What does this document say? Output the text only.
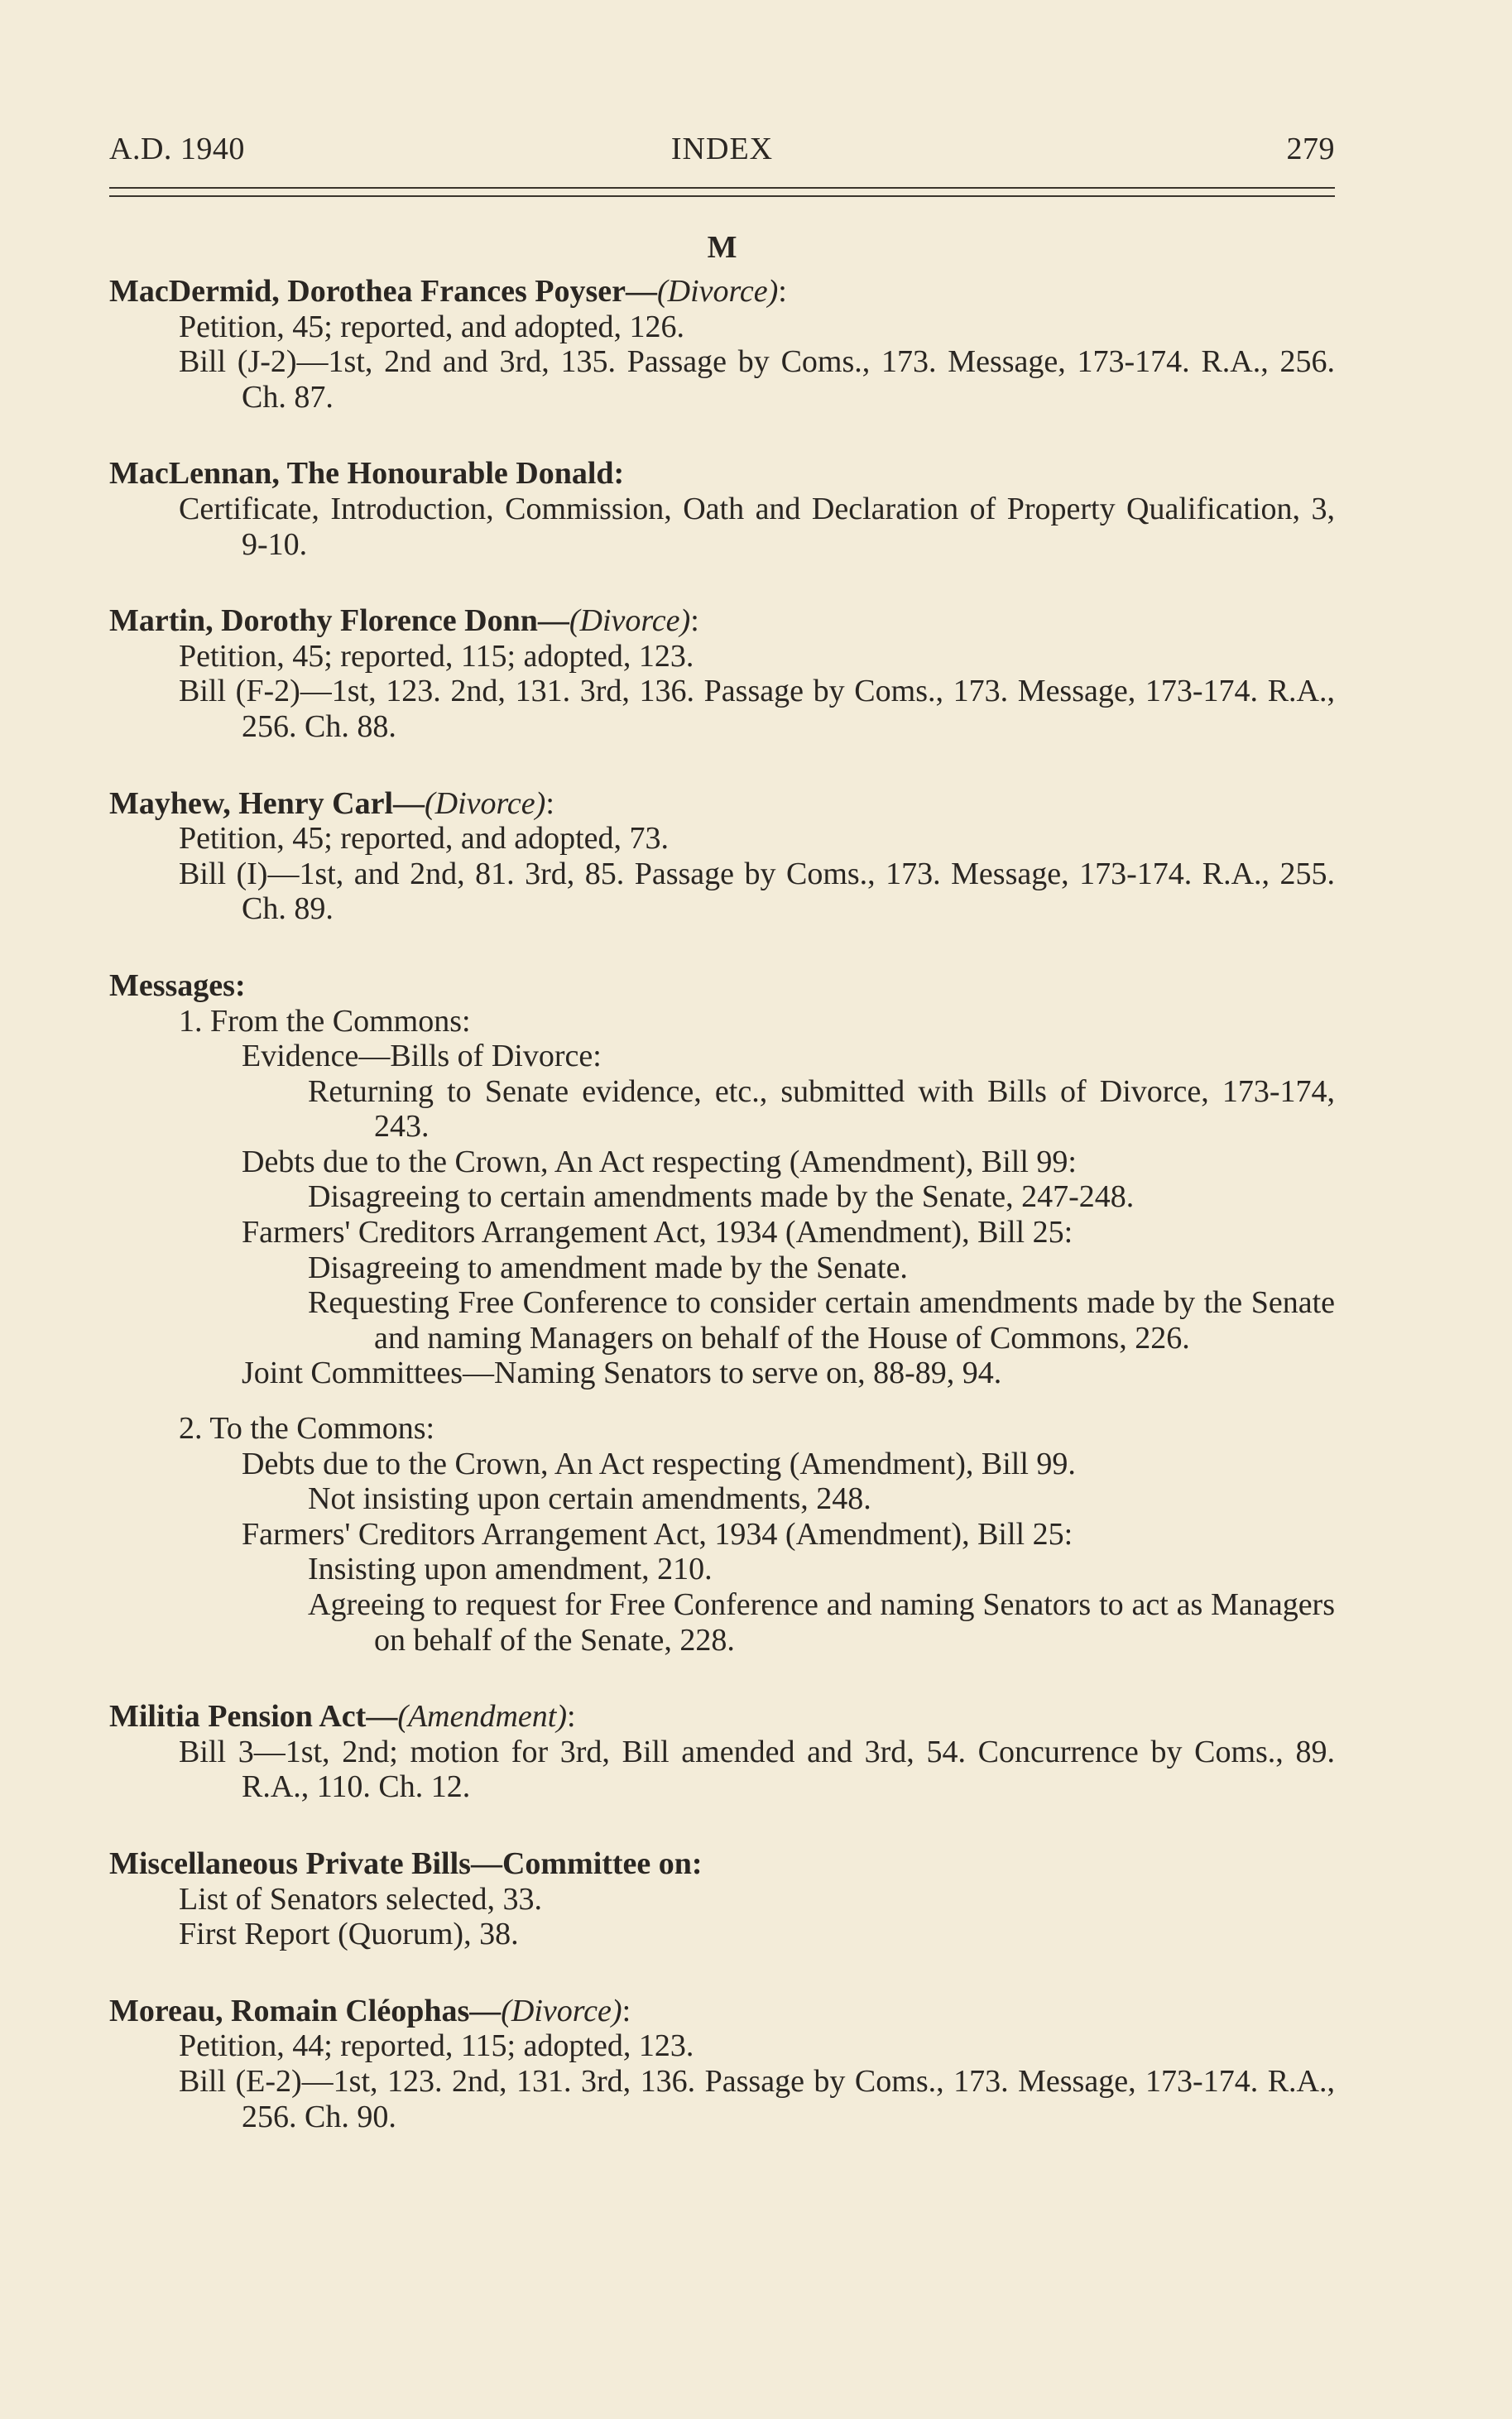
A.D. 1940	INDEX	279
M
MacDermid, Dorothea Frances Poyser—(Divorce):
Petition, 45; reported, and adopted, 126.
Bill (J-2)—1st, 2nd and 3rd, 135. Passage by Coms., 173. Message, 173-174. R.A., 256. Ch. 87.
MacLennan, The Honourable Donald:
Certificate, Introduction, Commission, Oath and Declaration of Property Qualification, 3, 9-10.
Martin, Dorothy Florence Donn—(Divorce):
Petition, 45; reported, 115; adopted, 123.
Bill (F-2)—1st, 123. 2nd, 131. 3rd, 136. Passage by Coms., 173. Message, 173-174. R.A., 256. Ch. 88.
Mayhew, Henry Carl—(Divorce):
Petition, 45; reported, and adopted, 73.
Bill (I)—1st, and 2nd, 81. 3rd, 85. Passage by Coms., 173. Message, 173-174. R.A., 255. Ch. 89.
Messages:
1. From the Commons:
Evidence—Bills of Divorce:
Returning to Senate evidence, etc., submitted with Bills of Divorce, 173-174, 243.
Debts due to the Crown, An Act respecting (Amendment), Bill 99:
Disagreeing to certain amendments made by the Senate, 247-248.
Farmers' Creditors Arrangement Act, 1934 (Amendment), Bill 25:
Disagreeing to amendment made by the Senate.
Requesting Free Conference to consider certain amendments made by the Senate and naming Managers on behalf of the House of Commons, 226.
Joint Committees—Naming Senators to serve on, 88-89, 94.
2. To the Commons:
Debts due to the Crown, An Act respecting (Amendment), Bill 99.
Not insisting upon certain amendments, 248.
Farmers' Creditors Arrangement Act, 1934 (Amendment), Bill 25:
Insisting upon amendment, 210.
Agreeing to request for Free Conference and naming Senators to act as Managers on behalf of the Senate, 228.
Militia Pension Act—(Amendment):
Bill 3—1st, 2nd; motion for 3rd, Bill amended and 3rd, 54. Concurrence by Coms., 89. R.A., 110. Ch. 12.
Miscellaneous Private Bills—Committee on:
List of Senators selected, 33.
First Report (Quorum), 38.
Moreau, Romain Cléophas—(Divorce):
Petition, 44; reported, 115; adopted, 123.
Bill (E-2)—1st, 123. 2nd, 131. 3rd, 136. Passage by Coms., 173. Message, 173-174. R.A., 256. Ch. 90.
